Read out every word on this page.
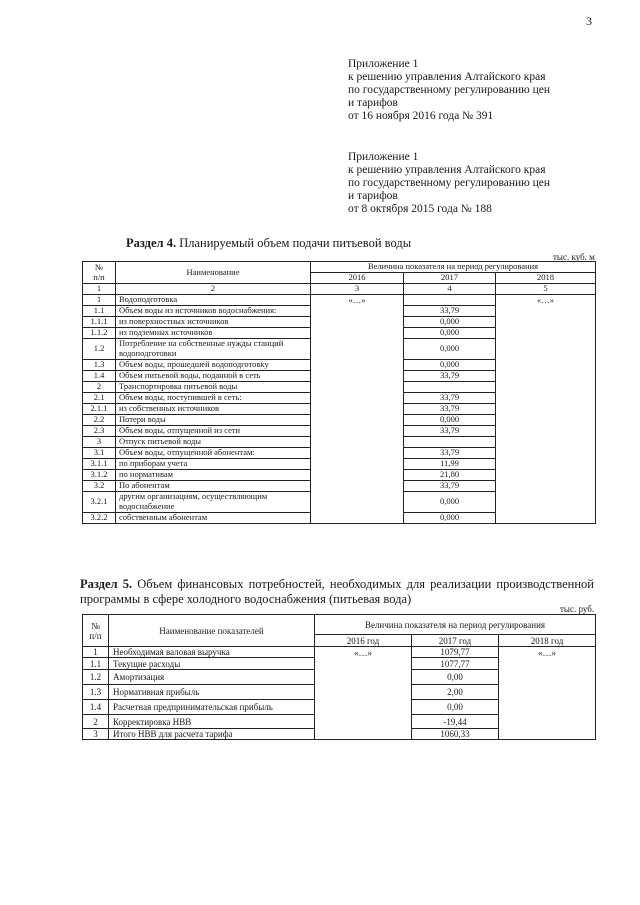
3
Приложение 1
к решению управления Алтайского края
по государственному регулированию цен
и тарифов
от 16 ноября 2016 года № 391
Приложение 1
к решению управления Алтайского края
по государственному регулированию цен
и тарифов
от 8 октября 2015 года № 188
Раздел 4. Планируемый объем подачи питьевой воды
тыс. куб. м
№
п/п	Наименование	Величина показателя на период регулирования		
		2016	2017	2018
1	2	3	4	5
1	Водоподготовка	«…»		«…»
1.1	Объем воды из источников водоснабжения:		33,79	
1.1.1	из поверхностных источников		0,000	
1.1.2	из подземных источников		0,000	
1.2	Потребление на собственные нужды станций водоподготовки		0,000	
1.3	Объем воды, прошедшей водоподготовку		0,000	
1.4	Объем питьевой воды, поданной в сеть		33,79	
2	Транспортировка питьевой воды			
2.1	Объем воды, поступившей в сеть:		33,79	
2.1.1	из собственных источников		33,79	
2.2	Потери воды		0,000	
2.3	Объем воды, отпущенной из сети		33,79	
3	Отпуск питьевой воды			
3.1	Объем воды, отпущенной абонентам:		33,79	
3.1.1	по приборам учета		11,99	
3.1.2	по нормативам		21,80	
3.2	По абонентам		33,79	
3.2.1	другим организациям, осуществляющим водоснабжение		0,000	
3.2.2	собственным абонентам		0,000	
Раздел 5. Объем финансовых потребностей, необходимых для реализации производственной программы в сфере холодного водоснабжения (питьевая вода)
тыс. руб.
№
п/п	Наименование показателей	Величина показателя на период регулирования		
		2016 год	2017 год	2018 год
1	Необходимая валовая выручка	«…»	1079,77	«…»
1.1	Текущие расходы		1077,77	
1.2	Амортизация		0,00	
1.3	Нормативная прибыль		2,00	
1.4	Расчетная предпринимательская прибыль		0,00	
2	Корректировка НВВ		-19,44	
3	Итого НВВ для расчета тарифа		1060,33	
